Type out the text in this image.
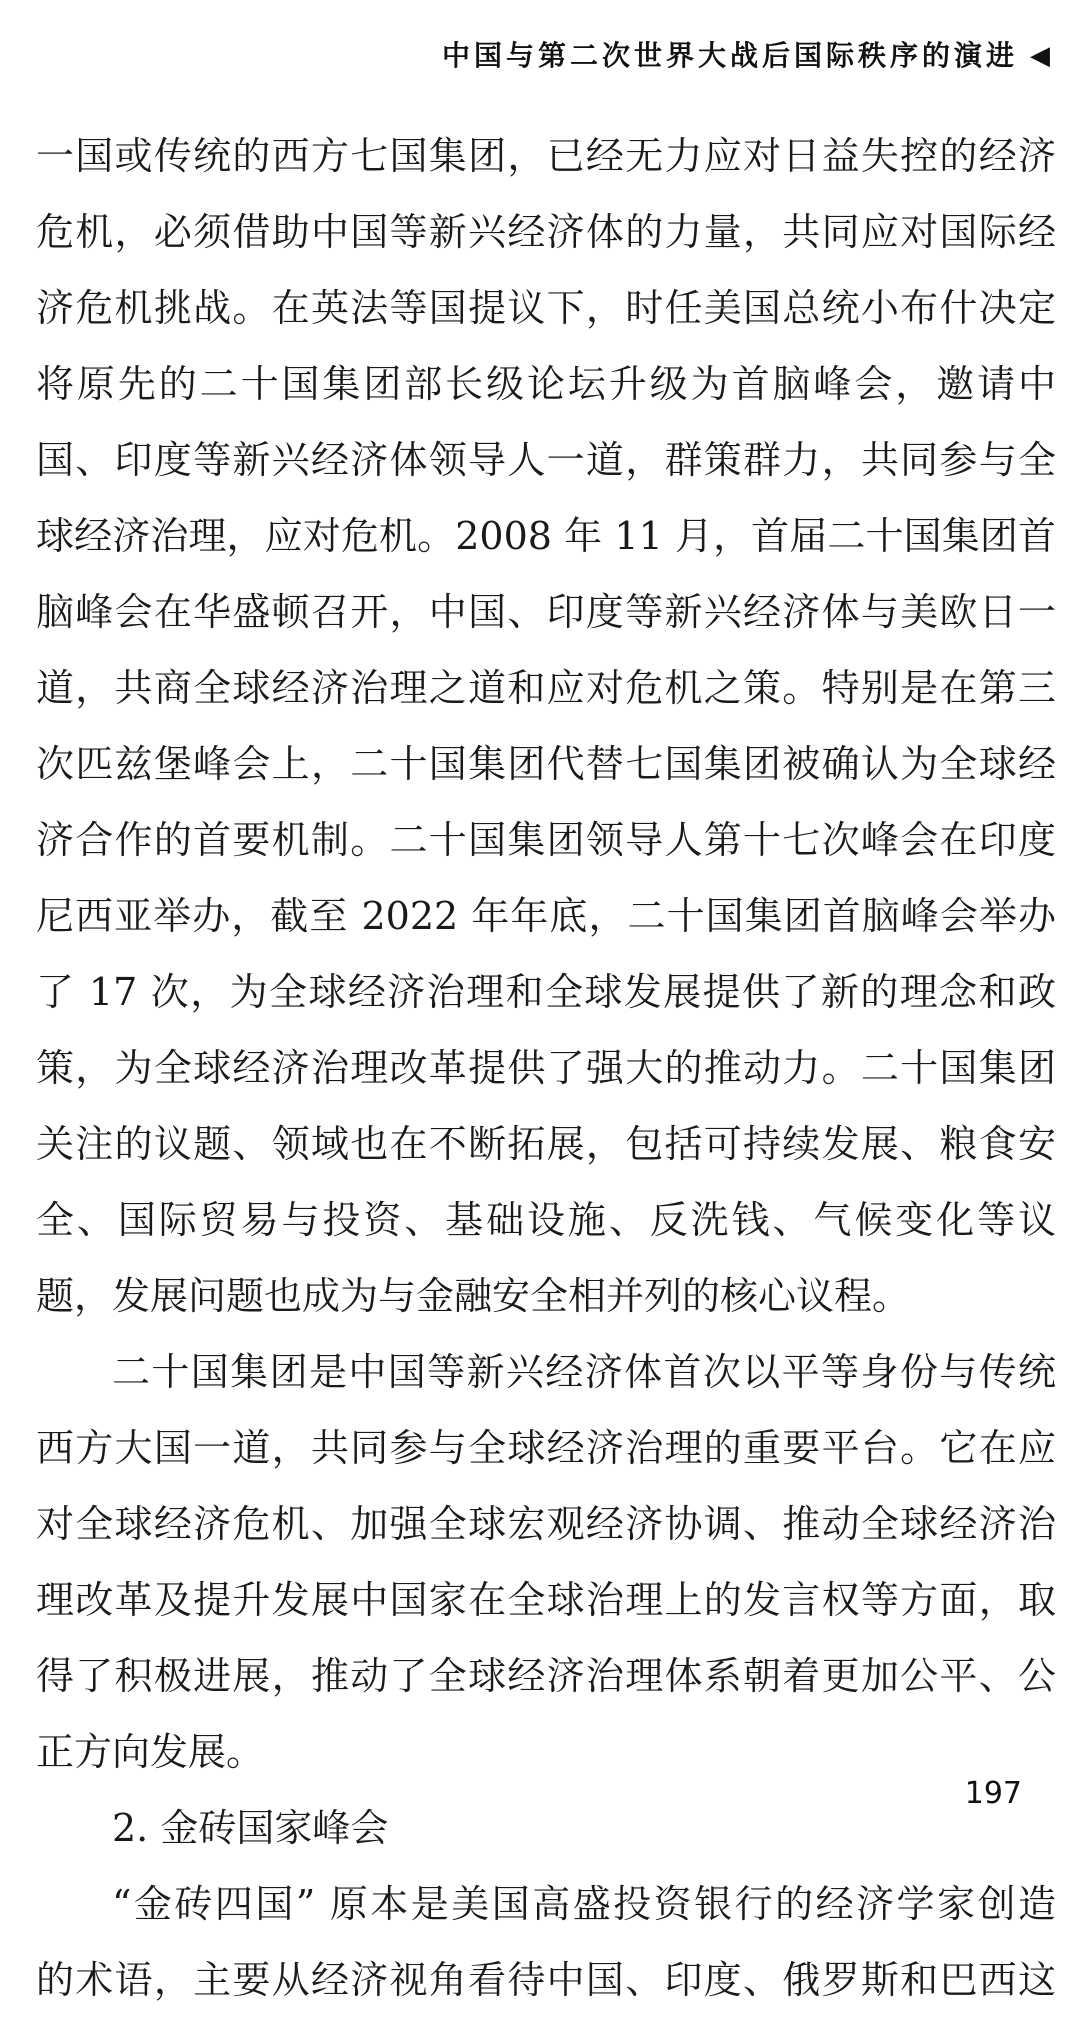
中国与第二次世界大战后国际秩序的演进 ◀
一国或传统的西方七国集团，已经无力应对日益失控的经济
危机，必须借助中国等新兴经济体的力量，共同应对国际经
济危机挑战。在英法等国提议下，时任美国总统小布什决定
将原先的二十国集团部长级论坛升级为首脑峰会，邀请中
国、印度等新兴经济体领导人一道，群策群力，共同参与全
球经济治理，应对危机。2008 年 11 月，首届二十国集团首
脑峰会在华盛顿召开，中国、印度等新兴经济体与美欧日一
道，共商全球经济治理之道和应对危机之策。特别是在第三
次匹兹堡峰会上，二十国集团代替七国集团被确认为全球经
济合作的首要机制。二十国集团领导人第十七次峰会在印度
尼西亚举办，截至 2022 年年底，二十国集团首脑峰会举办
了 17 次，为全球经济治理和全球发展提供了新的理念和政
策，为全球经济治理改革提供了强大的推动力。二十国集团
关注的议题、领域也在不断拓展，包括可持续发展、粮食安
全、国际贸易与投资、基础设施、反洗钱、气候变化等议
题，发展问题也成为与金融安全相并列的核心议程。
二十国集团是中国等新兴经济体首次以平等身份与传统
西方大国一道，共同参与全球经济治理的重要平台。它在应
对全球经济危机、加强全球宏观经济协调、推动全球经济治
理改革及提升发展中国家在全球治理上的发言权等方面，取
得了积极进展，推动了全球经济治理体系朝着更加公平、公
正方向发展。
2. 金砖国家峰会
“金砖四国” 原本是美国高盛投资银行的经济学家创造
的术语，主要从经济视角看待中国、印度、俄罗斯和巴西这
197
